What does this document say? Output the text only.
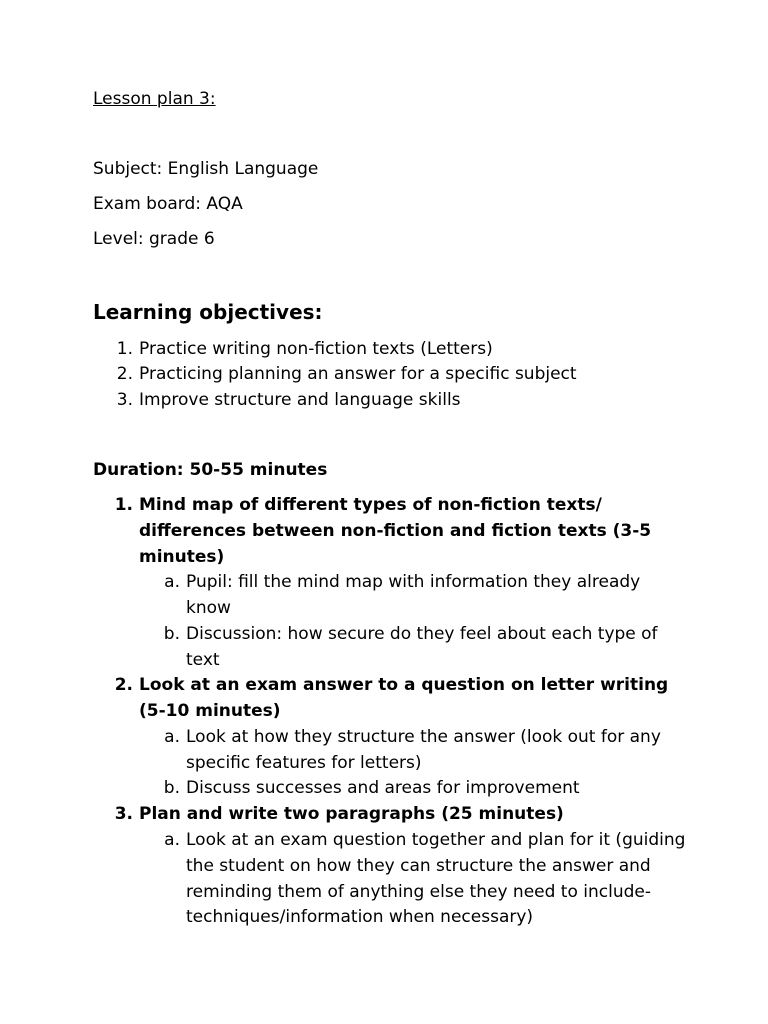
Lesson plan 3:
Subject: English Language
Exam board: AQA
Level: grade 6
Learning objectives:
1. Practice writing non-fiction texts (Letters)
2. Practicing planning an answer for a specific subject
3. Improve structure and language skills
Duration: 50-55 minutes
1. Mind map of different types of non-fiction texts/ differences between non-fiction and fiction texts (3-5 minutes)
a. Pupil: fill the mind map with information they already know
b. Discussion: how secure do they feel about each type of text
2. Look at an exam answer to a question on letter writing (5-10 minutes)
a. Look at how they structure the answer (look out for any specific features for letters)
b. Discuss successes and areas for improvement
3. Plan and write two paragraphs (25 minutes)
a. Look at an exam question together and plan for it (guiding the student on how they can structure the answer and reminding them of anything else they need to include- techniques/information when necessary)
